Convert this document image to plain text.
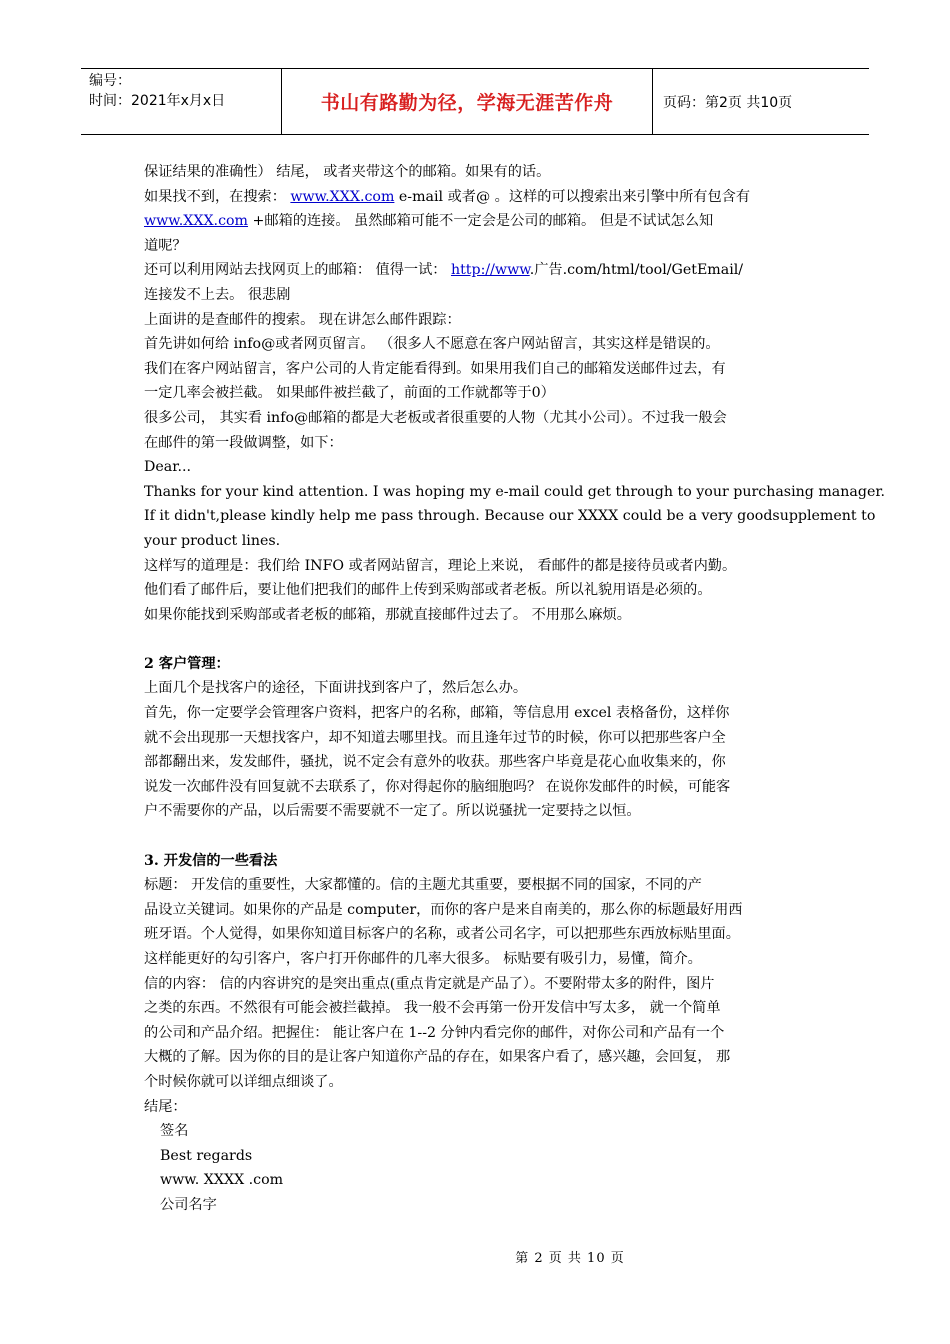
编号：
时间：2021年x月x日	书山有路勤为径，学海无涯苦作舟	页码：第2页 共10页

保证结果的准确性） 结尾， 或者夹带这个的邮箱。如果有的话。

如果找不到，在搜索： www.XXX.com e-mail 或者@ 。这样的可以搜索出来引擎中所有包含有

www.XXX.com +邮箱的连接。 虽然邮箱可能不一定会是公司的邮箱。 但是不试试怎么知

道呢？

还可以利用网站去找网页上的邮箱： 值得一试： http://www.广告.com/html/tool/GetEmail/

连接发不上去。 很悲剧

上面讲的是查邮件的搜索。 现在讲怎么邮件跟踪：

首先讲如何给 info@或者网页留言。 （很多人不愿意在客户网站留言，其实这样是错误的。

我们在客户网站留言，客户公司的人肯定能看得到。如果用我们自己的邮箱发送邮件过去，有

一定几率会被拦截。 如果邮件被拦截了，前面的工作就都等于0）

很多公司， 其实看 info@邮箱的都是大老板或者很重要的人物（尤其小公司）。不过我一般会

在邮件的第一段做调整，如下：

Dear...

Thanks for your kind attention. I was hoping my e-mail could get through to your purchasing manager.

If it didn't,please kindly help me pass through. Because our XXXX could be a very goodsupplement to

your product lines.

这样写的道理是：我们给 INFO 或者网站留言，理论上来说， 看邮件的都是接待员或者内勤。

他们看了邮件后，要让他们把我们的邮件上传到采购部或者老板。所以礼貌用语是必须的。

如果你能找到采购部或者老板的邮箱，那就直接邮件过去了。 不用那么麻烦。

2 客户管理：

上面几个是找客户的途径，下面讲找到客户了，然后怎么办。

首先，你一定要学会管理客户资料，把客户的名称，邮箱，等信息用 excel 表格备份，这样你

就不会出现那一天想找客户，却不知道去哪里找。而且逢年过节的时候，你可以把那些客户全

部都翻出来，发发邮件，骚扰，说不定会有意外的收获。那些客户毕竟是花心血收集来的，你

说发一次邮件没有回复就不去联系了，你对得起你的脑细胞吗？ 在说你发邮件的时候，可能客

户不需要你的产品，以后需要不需要就不一定了。所以说骚扰一定要持之以恒。

3. 开发信的一些看法

标题： 开发信的重要性，大家都懂的。信的主题尤其重要，要根据不同的国家，不同的产

品设立关键词。如果你的产品是 computer，而你的客户是来自南美的，那么你的标题最好用西

班牙语。个人觉得，如果你知道目标客户的名称，或者公司名字，可以把那些东西放标贴里面。

这样能更好的勾引客户，客户打开你邮件的几率大很多。 标贴要有吸引力，易懂，简介。

信的内容： 信的内容讲究的是突出重点(重点肯定就是产品了）。不要附带太多的附件，图片

之类的东西。不然很有可能会被拦截掉。 我一般不会再第一份开发信中写太多， 就一个简单

的公司和产品介绍。把握住： 能让客户在 1--2 分钟内看完你的邮件，对你公司和产品有一个

大概的了解。因为你的目的是让客户知道你产品的存在，如果客户看了，感兴趣，会回复， 那

个时候你就可以详细点细谈了。

结尾：

签名

Best regards

www. XXXX .com

公司名字

第 2 页 共 10 页
